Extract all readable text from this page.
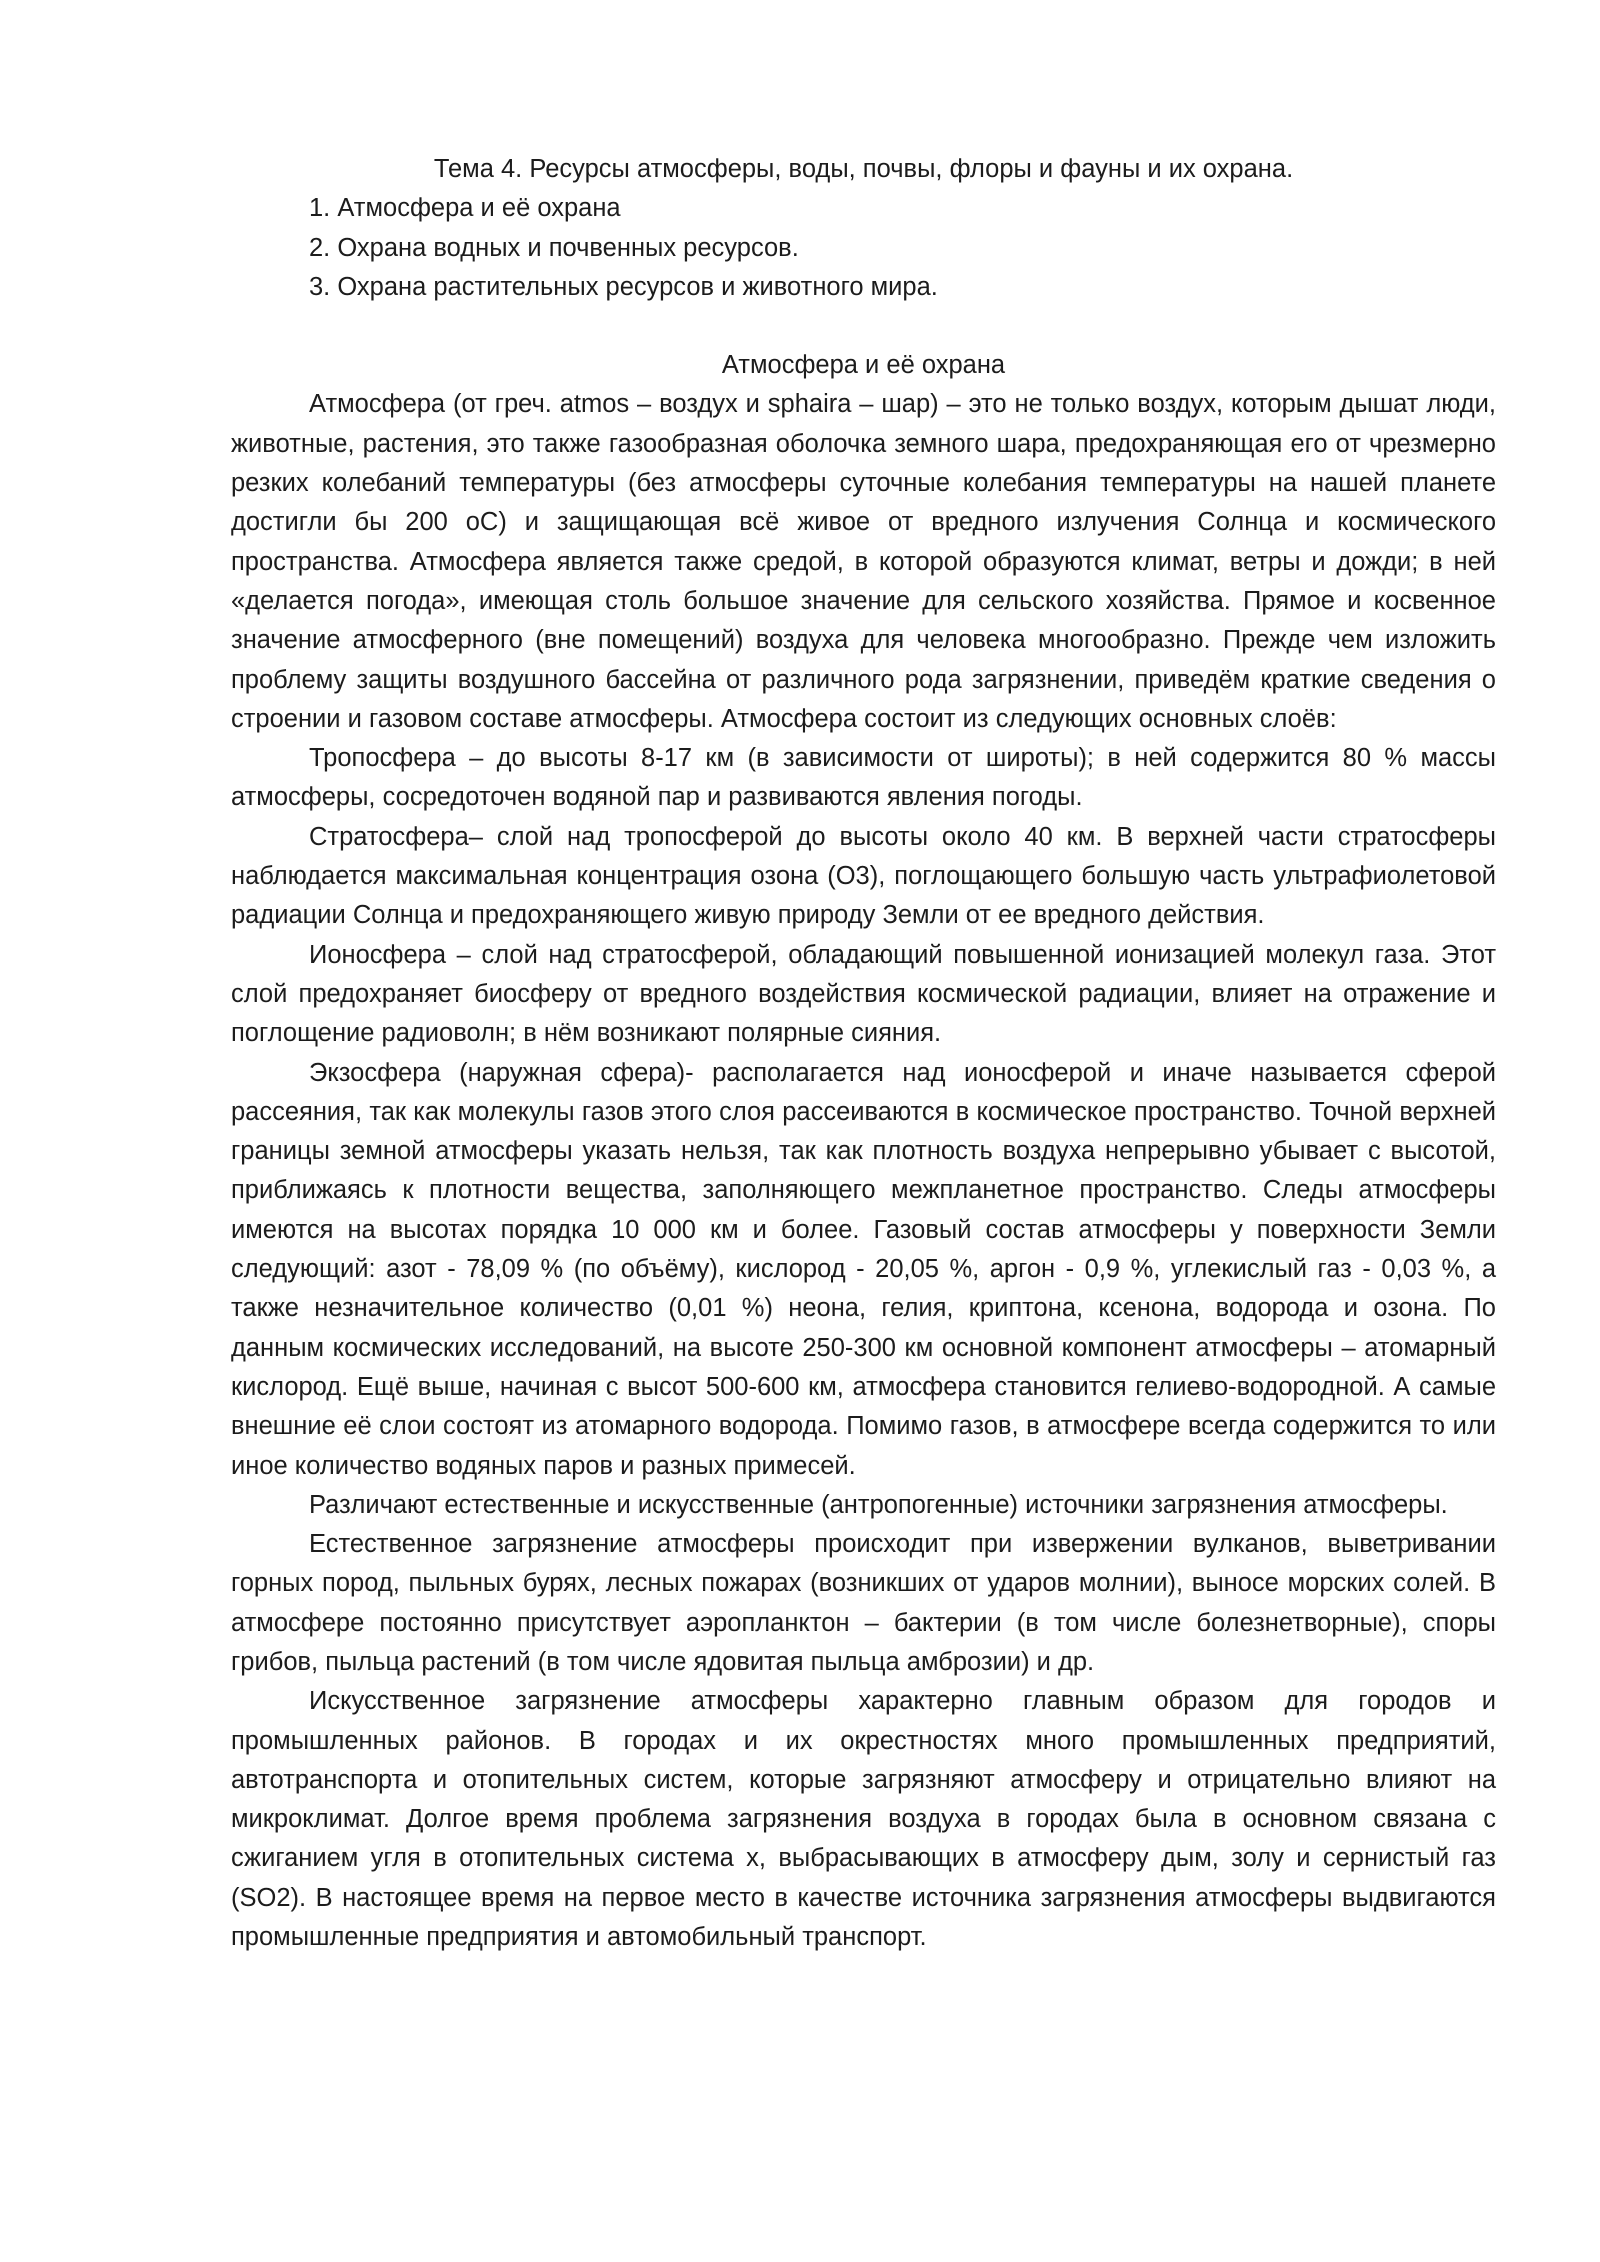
Тема 4. Ресурсы атмосферы, воды, почвы, флоры и фауны и их охрана.

1. Атмосфера и её охрана
2. Охрана водных и почвенных ресурсов.
3. Охрана растительных ресурсов и животного мира.

Атмосфера и её охрана

Атмосфера (от греч. atmos – воздух и sphaira – шар) – это не только воздух, которым дышат люди, животные, растения, это также газообразная оболочка земного шара, предохраняющая его от чрезмерно резких колебаний температуры (без атмосферы суточные колебания температуры на нашей планете достигли бы 200 оС) и защищающая всё живое от вредного излучения Солнца и космического пространства. Атмосфера является также средой, в которой образуются климат, ветры и дожди; в ней «делается погода», имеющая столь большое значение для сельского хозяйства. Прямое и косвенное значение атмосферного (вне помещений) воздуха для человека многообразно. Прежде чем изложить проблему защиты воздушного бассейна от различного рода загрязнении, приведём краткие сведения о строении и газовом составе атмосферы. Атмосфера состоит из следующих основных слоёв:

Тропосфера – до высоты 8-17 км (в зависимости от широты); в ней содержится 80 % массы атмосферы, сосредоточен водяной пар и развиваются явления погоды.

Стратосфера– слой над тропосферой до высоты около 40 км. В верхней части стратосферы наблюдается максимальная концентрация озона (О3), поглощающего большую часть ультрафиолетовой радиации Солнца и предохраняющего живую природу Земли от ее вредного действия.

Ионосфера – слой над стратосферой, обладающий повышенной ионизацией молекул газа. Этот слой предохраняет биосферу от вредного воздействия космической радиации, влияет на отражение и поглощение радиоволн; в нём возникают полярные сияния.

Экзосфера (наружная сфера)- располагается над ионосферой и иначе называется сферой рассеяния, так как молекулы газов этого слоя рассеиваются в космическое пространство. Точной верхней границы земной атмосферы указать нельзя, так как плотность воздуха непрерывно убывает с высотой, приближаясь к плотности вещества, заполняющего межпланетное пространство. Следы атмосферы имеются на высотах порядка 10 000 км и более. Газовый состав атмосферы у поверхности Земли следующий: азот - 78,09 % (по объёму), кислород - 20,05 %, аргон - 0,9 %, углекислый газ - 0,03 %, а также незначительное количество (0,01 %) неона, гелия, криптона, ксенона, водорода и озона. По данным космических исследований, на высоте 250-300 км основной компонент атмосферы – атомарный кислород. Ещё выше, начиная с высот 500-600 км, атмосфера становится гелиево-водородной. А самые внешние её слои состоят из атомарного водорода. Помимо газов, в атмосфере всегда содержится то или иное количество водяных паров и разных примесей.

Различают естественные и искусственные (антропогенные) источники загрязнения атмосферы.

Естественное загрязнение атмосферы происходит при извержении вулканов, выветривании горных пород, пыльных бурях, лесных пожарах (возникших от ударов молнии), выносе морских солей. В атмосфере постоянно присутствует аэропланктон – бактерии (в том числе болезнетворные), споры грибов, пыльца растений (в том числе ядовитая пыльца амброзии) и др.

Искусственное загрязнение атмосферы характерно главным образом для городов и промышленных районов. В городах и их окрестностях много промышленных предприятий, автотранспорта и отопительных систем, которые загрязняют атмосферу и отрицательно влияют на микроклимат. Долгое время проблема загрязнения воздуха в городах была в основном связана с сжиганием угля в отопительных система х, выбрасывающих в атмосферу дым, золу и сернистый газ (SO2). В настоящее время на первое место в качестве источника загрязнения атмосферы выдвигаются промышленные предприятия и автомобильный транспорт.
